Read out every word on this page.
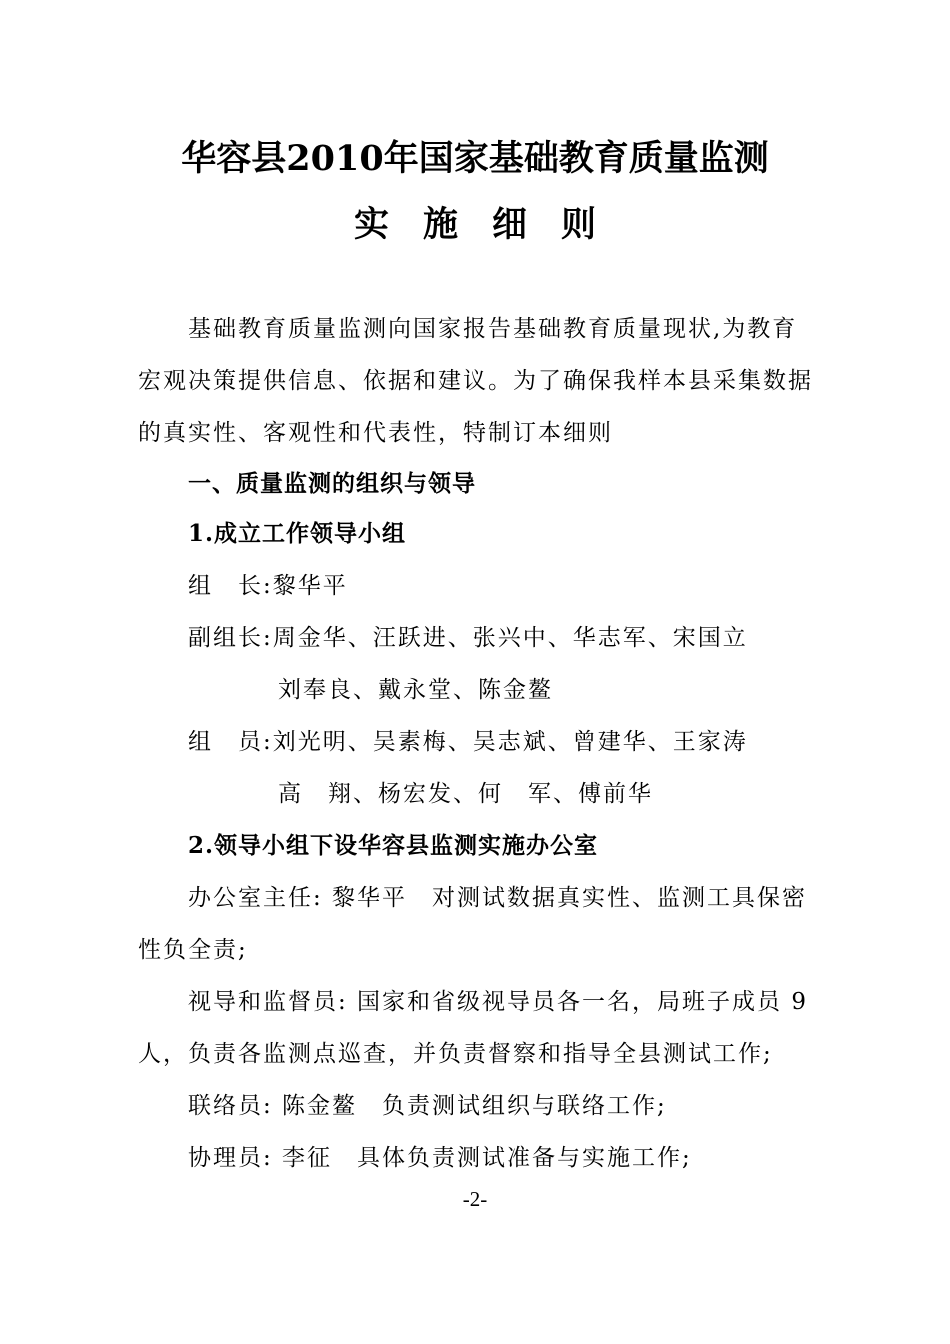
华容县2010年国家基础教育质量监测
实 施 细 则
基础教育质量监测向国家报告基础教育质量现状,为教育
宏观决策提供信息、依据和建议。为了确保我样本县采集数据
的真实性、客观性和代表性，特制订本细则
一、质量监测的组织与领导
1.成立工作领导小组
组　长:黎华平
副组长:周金华、汪跃进、张兴中、华志军、宋国立
刘奉良、戴永堂、陈金鳌
组　员:刘光明、吴素梅、吴志斌、曾建华、王家涛
高　翔、杨宏发、何　军、傅前华
2.领导小组下设华容县监测实施办公室
办公室主任: 黎华平　对测试数据真实性、监测工具保密
性负全责;
视导和监督员: 国家和省级视导员各一名，局班子成员 9
人，负责各监测点巡查，并负责督察和指导全县测试工作;
联络员: 陈金鳌　负责测试组织与联络工作;
协理员: 李征　具体负责测试准备与实施工作;
-2-
